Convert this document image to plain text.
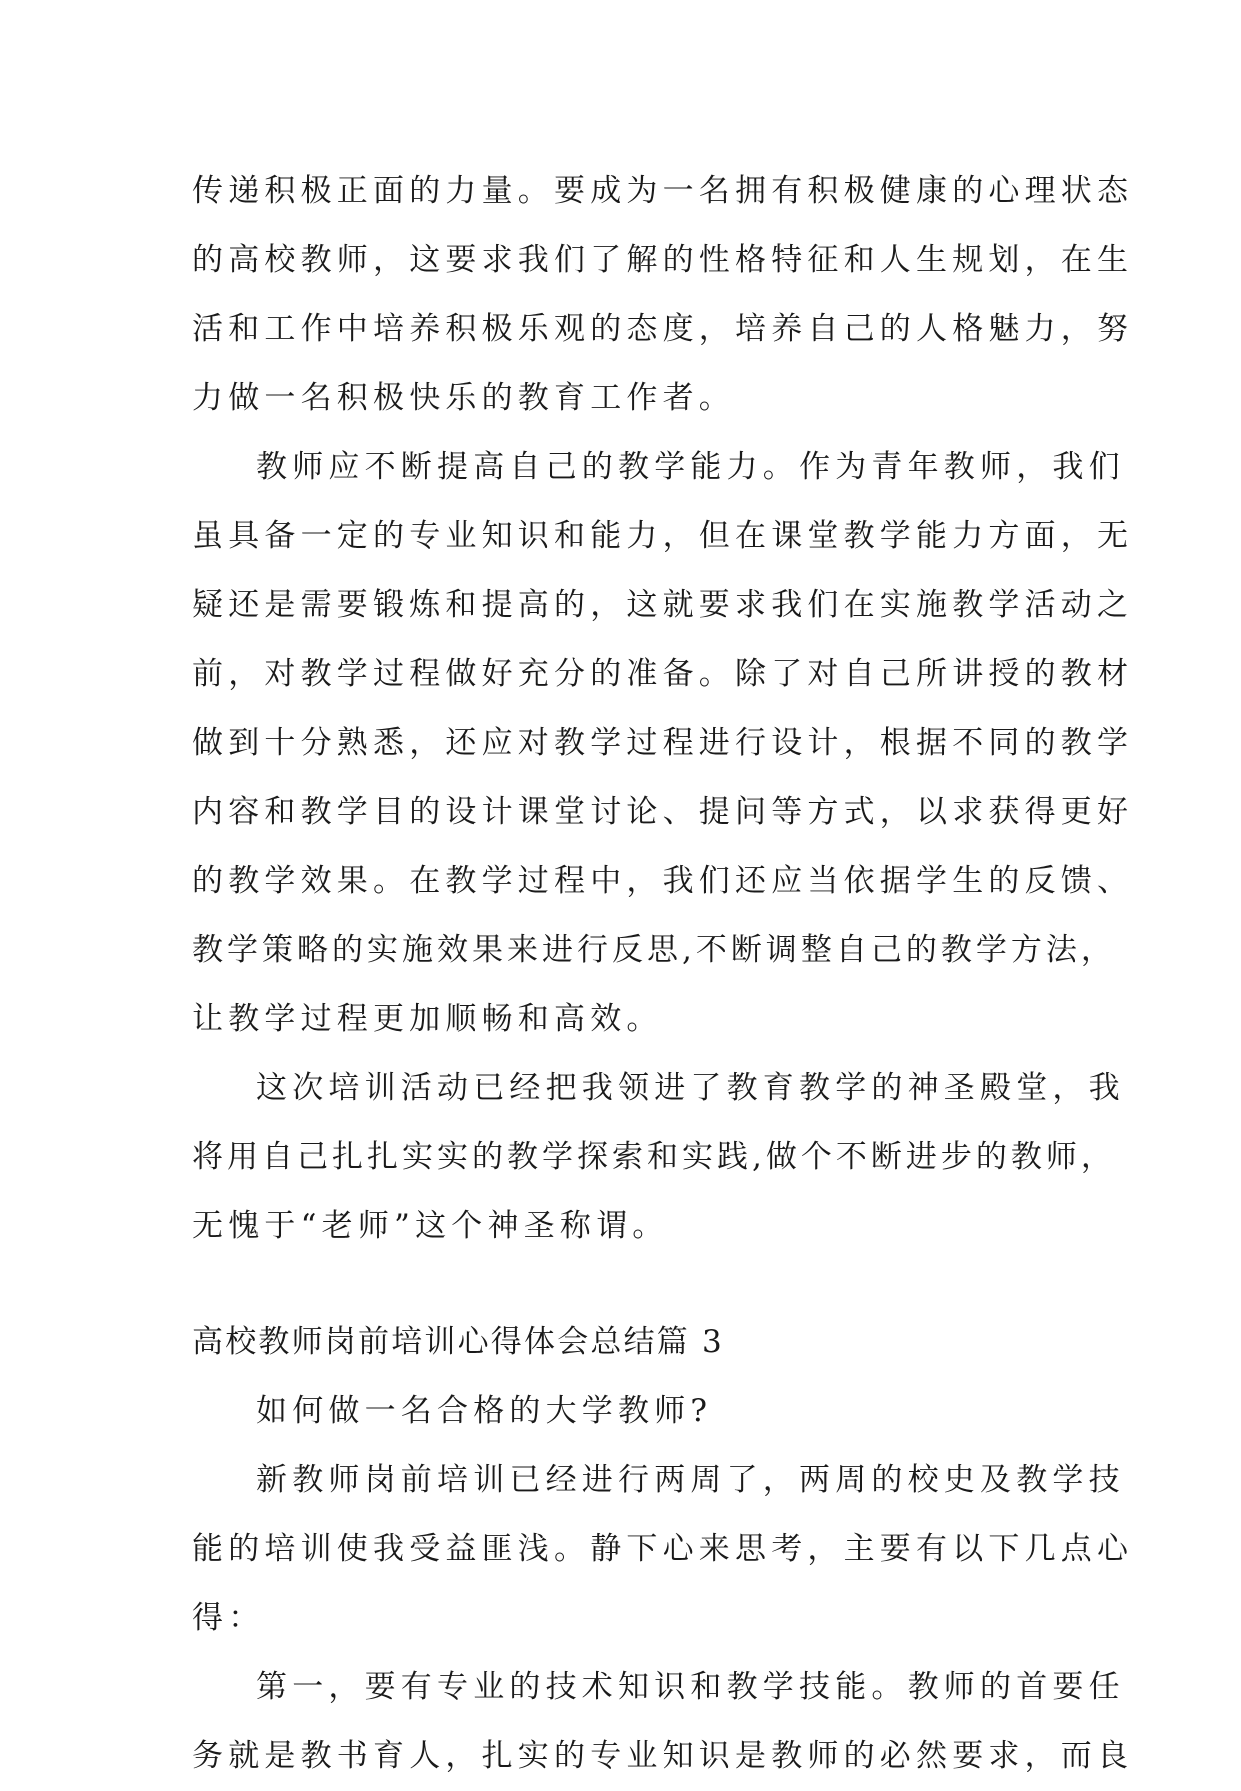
传递积极正面的力量。要成为一名拥有积极健康的心理状态
的高校教师，这要求我们了解的性格特征和人生规划，在生
活和工作中培养积极乐观的态度，培养自己的人格魅力，努
力做一名积极快乐的教育工作者。
教师应不断提高自己的教学能力。作为青年教师，我们
虽具备一定的专业知识和能力，但在课堂教学能力方面，无
疑还是需要锻炼和提高的，这就要求我们在实施教学活动之
前，对教学过程做好充分的准备。除了对自己所讲授的教材
做到十分熟悉，还应对教学过程进行设计，根据不同的教学
内容和教学目的设计课堂讨论、提问等方式，以求获得更好
的教学效果。在教学过程中，我们还应当依据学生的反馈、
教学策略的实施效果来进行反思,不断调整自己的教学方法，
让教学过程更加顺畅和高效。
这次培训活动已经把我领进了教育教学的神圣殿堂，我
将用自己扎扎实实的教学探索和实践,做个不断进步的教师，
无愧于“老师”这个神圣称谓。
高校教师岗前培训心得体会总结篇 3
如何做一名合格的大学教师?
新教师岗前培训已经进行两周了，两周的校史及教学技
能的培训使我受益匪浅。静下心来思考，主要有以下几点心
得：
第一，要有专业的技术知识和教学技能。教师的首要任
务就是教书育人，扎实的专业知识是教师的必然要求，而良
